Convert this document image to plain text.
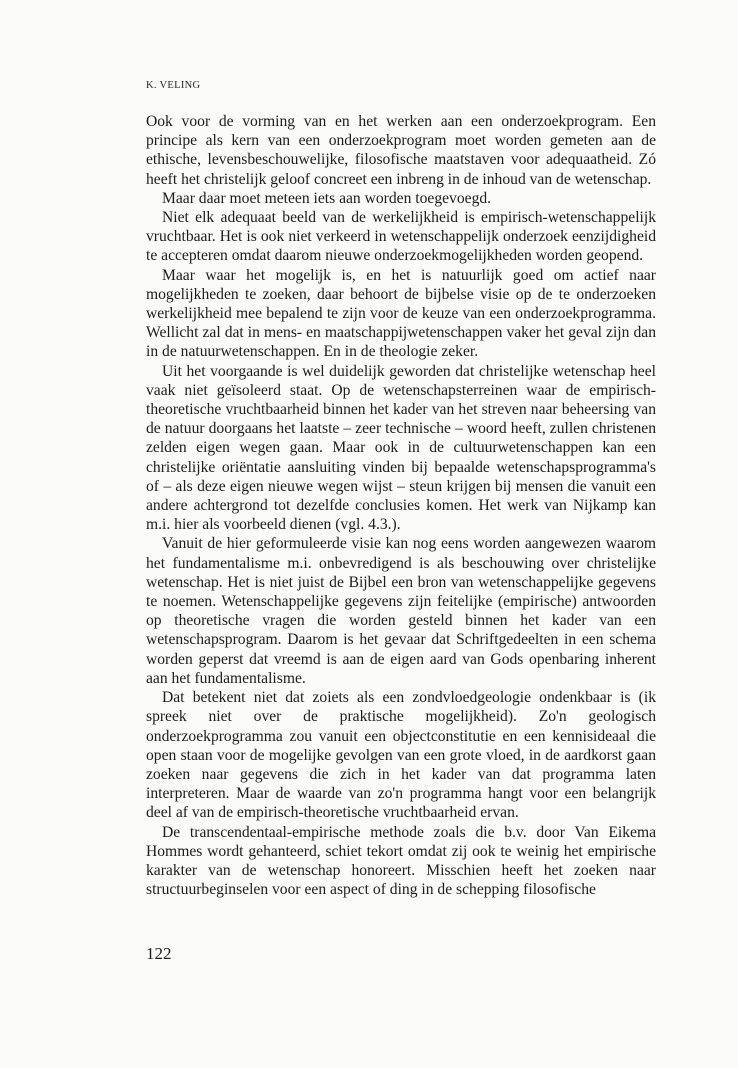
K. VELING

Ook voor de vorming van en het werken aan een onderzoekprogram. Een principe als kern van een onderzoekprogram moet worden gemeten aan de ethische, levensbeschouwelijke, filosofische maatstaven voor adequaatheid. Zó heeft het christelijk geloof concreet een inbreng in de inhoud van de wetenschap.

Maar daar moet meteen iets aan worden toegevoegd.

Niet elk adequaat beeld van de werkelijkheid is empirisch-wetenschappelijk vruchtbaar. Het is ook niet verkeerd in wetenschappelijk onderzoek eenzijdigheid te accepteren omdat daarom nieuwe onderzoekmogelijkheden worden geopend.

Maar waar het mogelijk is, en het is natuurlijk goed om actief naar mogelijkheden te zoeken, daar behoort de bijbelse visie op de te onderzoeken werkelijkheid mee bepalend te zijn voor de keuze van een onderzoekprogramma. Wellicht zal dat in mens- en maatschappijwetenschappen vaker het geval zijn dan in de natuurwetenschappen. En in de theologie zeker.

Uit het voorgaande is wel duidelijk geworden dat christelijke wetenschap heel vaak niet geïsoleerd staat. Op de wetenschapsterreinen waar de empirisch-theoretische vruchtbaarheid binnen het kader van het streven naar beheersing van de natuur doorgaans het laatste – zeer technische – woord heeft, zullen christenen zelden eigen wegen gaan. Maar ook in de cultuurwetenschappen kan een christelijke oriëntatie aansluiting vinden bij bepaalde wetenschapsprogramma's of – als deze eigen nieuwe wegen wijst – steun krijgen bij mensen die vanuit een andere achtergrond tot dezelfde conclusies komen. Het werk van Nijkamp kan m.i. hier als voorbeeld dienen (vgl. 4.3.).

Vanuit de hier geformuleerde visie kan nog eens worden aangewezen waarom het fundamentalisme m.i. onbevredigend is als beschouwing over christelijke wetenschap. Het is niet juist de Bijbel een bron van wetenschappelijke gegevens te noemen. Wetenschappelijke gegevens zijn feitelijke (empirische) antwoorden op theoretische vragen die worden gesteld binnen het kader van een wetenschapsprogram. Daarom is het gevaar dat Schriftgedeelten in een schema worden geperst dat vreemd is aan de eigen aard van Gods openbaring inherent aan het fundamentalisme.

Dat betekent niet dat zoiets als een zondvloedgeologie ondenkbaar is (ik spreek niet over de praktische mogelijkheid). Zo'n geologisch onderzoekprogramma zou vanuit een objectconstitutie en een kennisideaal die open staan voor de mogelijke gevolgen van een grote vloed, in de aardkorst gaan zoeken naar gegevens die zich in het kader van dat programma laten interpreteren. Maar de waarde van zo'n programma hangt voor een belangrijk deel af van de empirisch-theoretische vruchtbaarheid ervan.

De transcendentaal-empirische methode zoals die b.v. door Van Eikema Hommes wordt gehanteerd, schiet tekort omdat zij ook te weinig het empirische karakter van de wetenschap honoreert. Misschien heeft het zoeken naar structuurbeginselen voor een aspect of ding in de schepping filosofische

122
